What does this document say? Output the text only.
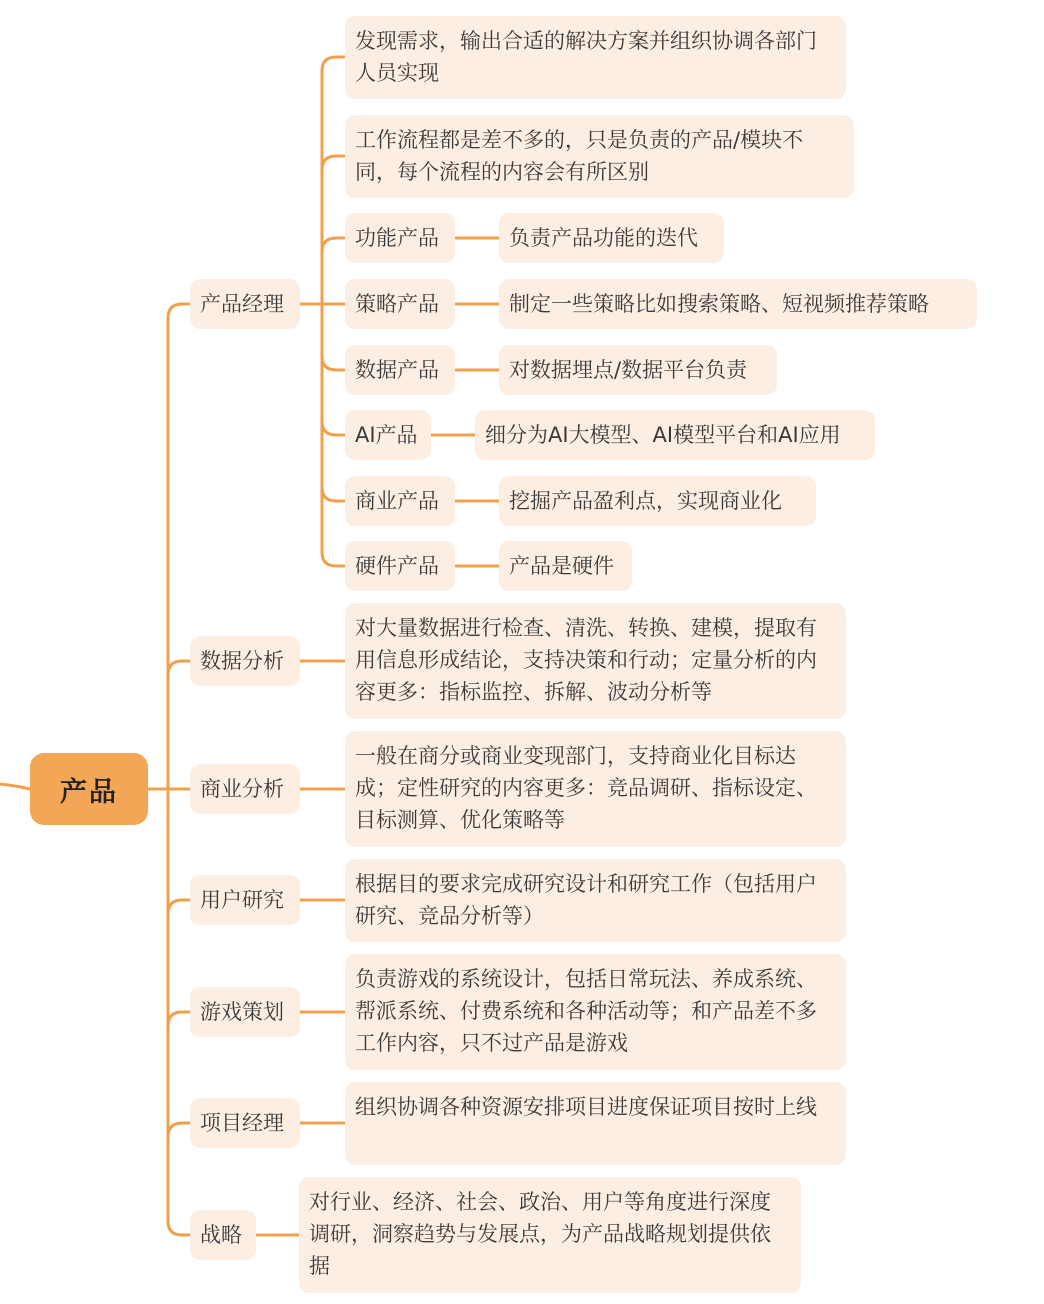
产品
产品经理
数据分析
商业分析
用户研究
游戏策划
项目经理
战略
发现需求，输出合适的解决方案并组织协调各部门人员实现
工作流程都是差不多的，只是负责的产品/模块不同，每个流程的内容会有所区别
功能产品
策略产品
数据产品
AI产品
商业产品
硬件产品
负责产品功能的迭代
制定一些策略比如搜索策略、短视频推荐策略
对数据埋点/数据平台负责
细分为AI大模型、AI模型平台和AI应用
挖掘产品盈利点，实现商业化
产品是硬件
对大量数据进行检查、清洗、转换、建模，提取有用信息形成结论，支持决策和行动；定量分析的内容更多：指标监控、拆解、波动分析等
一般在商分或商业变现部门，支持商业化目标达成；定性研究的内容更多：竞品调研、指标设定、目标测算、优化策略等
根据目的要求完成研究设计和研究工作（包括用户研究、竞品分析等）
负责游戏的系统设计，包括日常玩法、养成系统、帮派系统、付费系统和各种活动等；和产品差不多工作内容，只不过产品是游戏
组织协调各种资源安排项目进度保证项目按时上线
对行业、经济、社会、政治、用户等角度进行深度调研，洞察趋势与发展点，为产品战略规划提供依据
